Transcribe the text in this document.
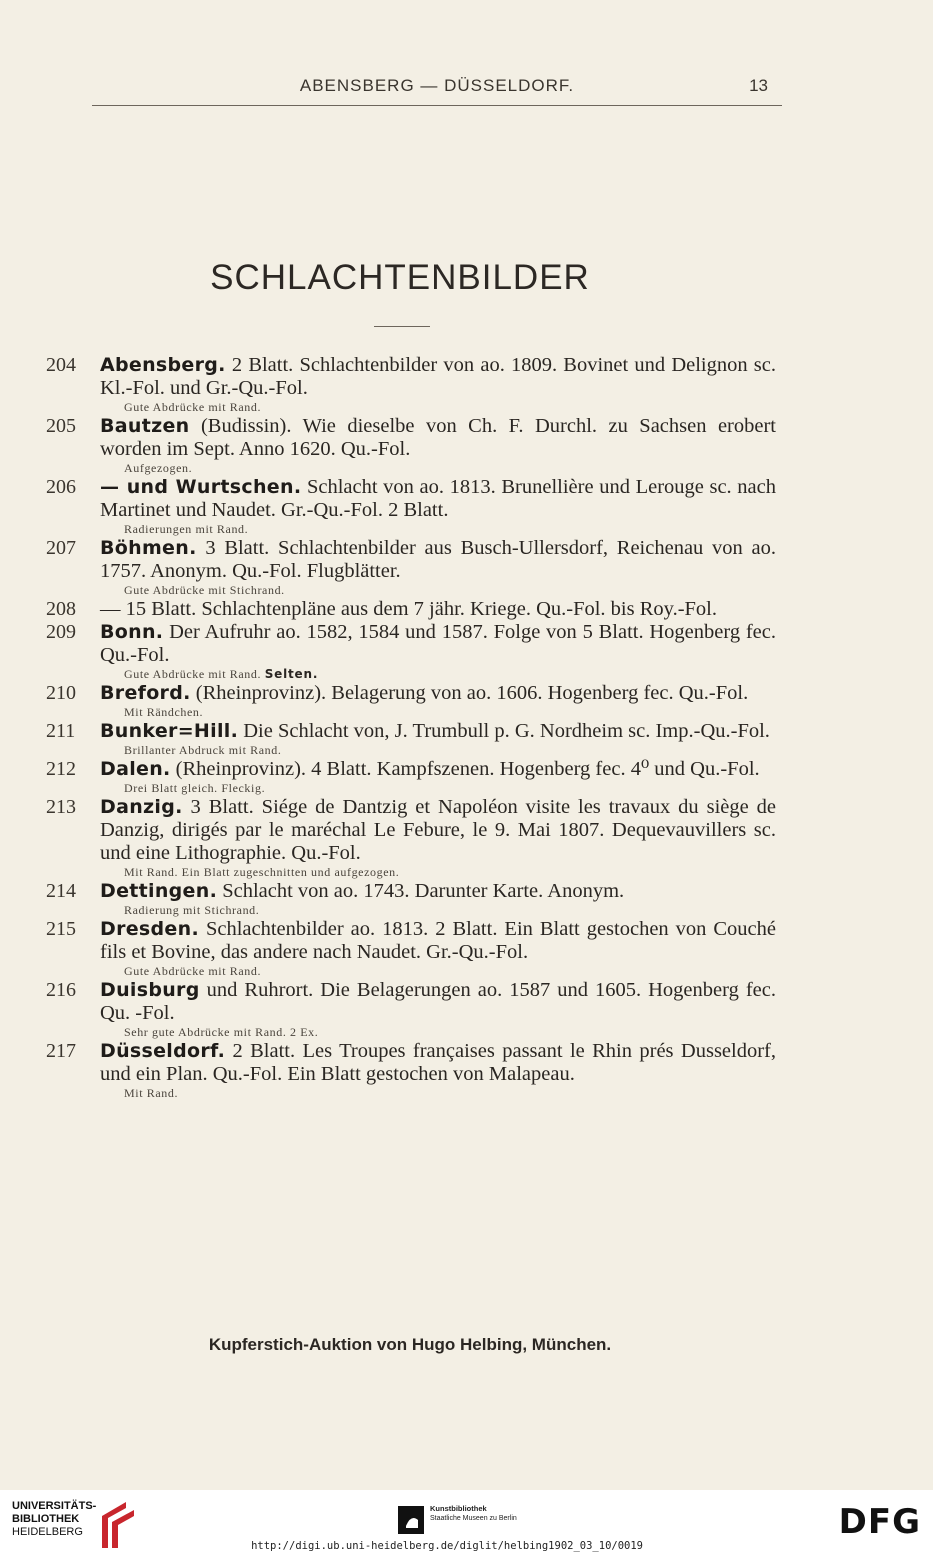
ABENSBERG — DÜSSELDORF.	13
SCHLACHTENBILDER
204	Abensberg. 2 Blatt. Schlachtenbilder von ao. 1809. Bovinet und Delignon sc. Kl.-Fol. und Gr.-Qu.-Fol.
Gute Abdrücke mit Rand.
205	Bautzen (Budissin). Wie dieselbe von Ch. F. Durchl. zu Sachsen erobert worden im Sept. Anno 1620. Qu.-Fol.
Aufgezogen.
206	— und Wurtschen. Schlacht von ao. 1813. Brunellière und Lerouge sc. nach Martinet und Naudet. Gr.-Qu.-Fol. 2 Blatt.
Radierungen mit Rand.
207	Böhmen. 3 Blatt. Schlachtenbilder aus Busch-Ullersdorf, Reichenau von ao. 1757. Anonym. Qu.-Fol. Flugblätter.
Gute Abdrücke mit Stichrand.
208	— 15 Blatt. Schlachtenpläne aus dem 7 jähr. Kriege. Qu.-Fol. bis Roy.-Fol.
209	Bonn. Der Aufruhr ao. 1582, 1584 und 1587. Folge von 5 Blatt. Hogenberg fec. Qu.-Fol.
Gute Abdrücke mit Rand. Selten.
210	Breford. (Rheinprovinz). Belagerung von ao. 1606. Hogenberg fec. Qu.-Fol.
Mit Rändchen.
211	Bunker=Hill. Die Schlacht von, J. Trumbull p. G. Nordheim sc. Imp.-Qu.-Fol.
Brillanter Abdruck mit Rand.
212	Dalen. (Rheinprovinz). 4 Blatt. Kampfszenen. Hogenberg fec. 4⁰ und Qu.-Fol.
Drei Blatt gleich. Fleckig.
213	Danzig. 3 Blatt. Siége de Dantzig et Napoléon visite les travaux du siège de Danzig, dirigés par le maréchal Le Febure, le 9. Mai 1807. Dequevauvillers sc. und eine Lithographie. Qu.-Fol.
Mit Rand. Ein Blatt zugeschnitten und aufgezogen.
214	Dettingen. Schlacht von ao. 1743. Darunter Karte. Anonym.
Radierung mit Stichrand.
215	Dresden. Schlachtenbilder ao. 1813. 2 Blatt. Ein Blatt gestochen von Couché fils et Bovine, das andere nach Naudet. Gr.-Qu.-Fol.
Gute Abdrücke mit Rand.
216	Duisburg und Ruhrort. Die Belagerungen ao. 1587 und 1605. Hogenberg fec. Qu. -Fol.
Sehr gute Abdrücke mit Rand. 2 Ex.
217	Düsseldorf. 2 Blatt. Les Troupes françaises passant le Rhin prés Dusseldorf, und ein Plan. Qu.-Fol. Ein Blatt gestochen von Malapeau.
Mit Rand.
Kupferstich-Auktion von Hugo Helbing, München.
UNIVERSITÄTS-
BIBLIOTHEK
HEIDELBERG
Kunstbibliothek
Staatliche Museen zu Berlin	DFG
http://digi.ub.uni-heidelberg.de/diglit/helbing1902_03_10/0019
